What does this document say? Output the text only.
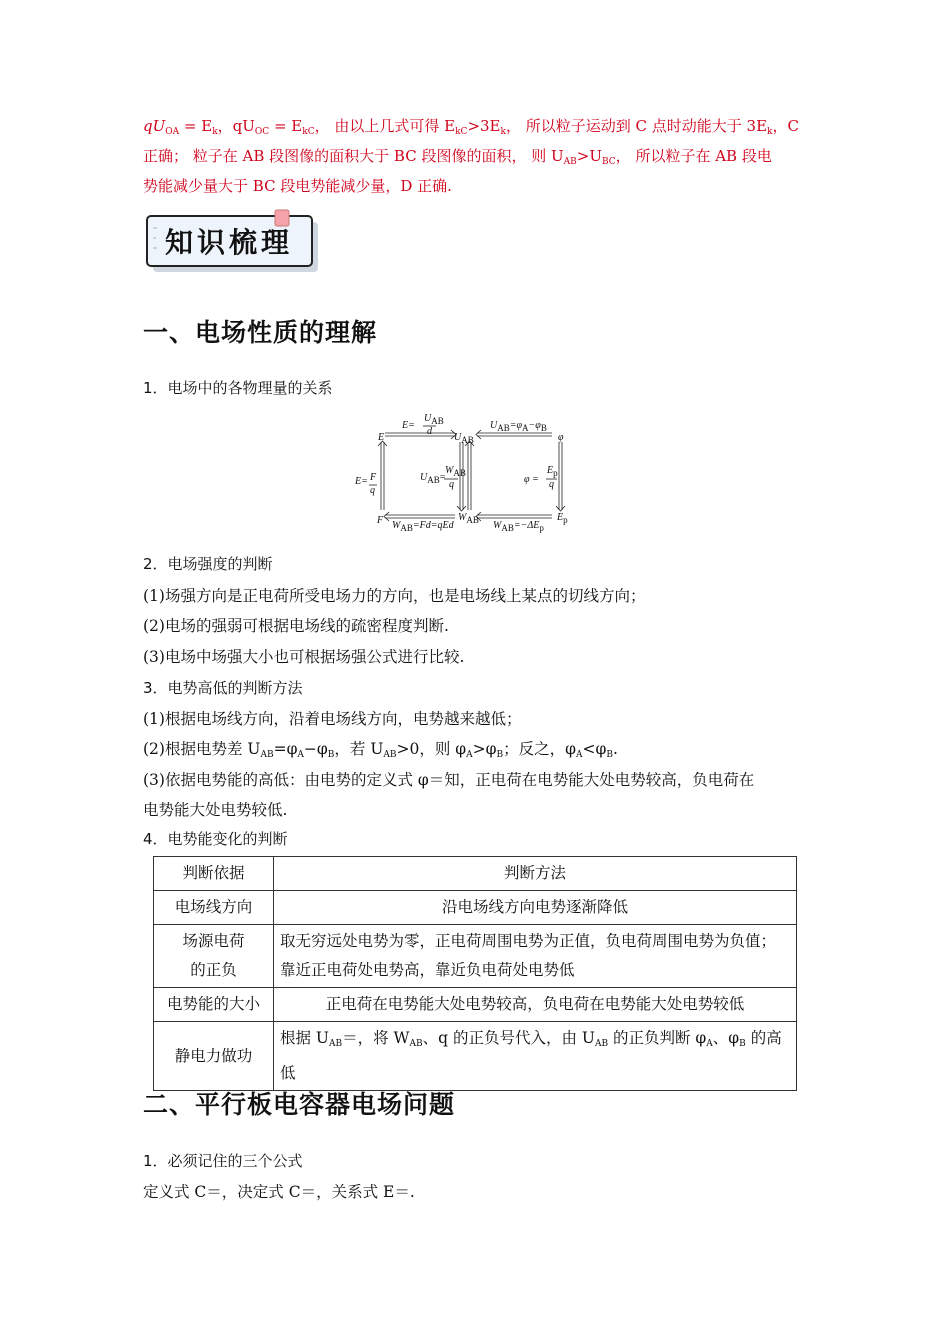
$qU_{OA} = E_k$，$qU_{OC} = E_{kC}$， 由以上几式可得 $E_{kC}>3E_k$， 所以粒子运动到 C 点时动能大于 $3E_k$，C
正确； 粒子在 AB 段图像的面积大于 BC 段图像的面积， 则 $U_{AB}>U_{BC}$， 所以粒子在 AB 段电
势能减少量大于 BC 段电势能减少量，D 正确.
知识梳理
一、电场性质的理解
1．电场中的各物理量的关系
E	$U_{AB}$	φ
F	$W_{AB}$	$E_p$
E=
$U_{AB}$
d
$U_{AB}=\varphi_A-\varphi_B$
E= F
q
$U_{AB}=$
$W_{AB}$
q	φ =
$E_p$
q
$W_{AB}=Fd=qEd$	$W_{AB}=-\Delta E_p$
2．电场强度的判断
(1)场强方向是正电荷所受电场力的方向，也是电场线上某点的切线方向；
(2)电场的强弱可根据电场线的疏密程度判断.
(3)电场中场强大小也可根据场强公式进行比较.
3．电势高低的判断方法
(1)根据电场线方向，沿着电场线方向，电势越来越低；
(2)根据电势差 $U_{AB}=\varphi_A-\varphi_B$，若 $U_{AB}>0$，则 $\varphi_A>\varphi_B$；反之，$\varphi_A<\varphi_B$.
(3)依据电势能的高低：由电势的定义式 φ＝知，正电荷在电势能大处电势较高，负电荷在
电势能大处电势较低.
4．电势能变化的判断
判断依据	判断方法
电场线方向	沿电场线方向电势逐渐降低
场源电荷
的正负	取无穷远处电势为零，正电荷周围电势为正值，负电荷周围电势为负值；靠近正电荷处电势高，靠近负电荷处电势低
电势能的大小	正电荷在电势能大处电势较高，负电荷在电势能大处电势较低
静电力做功	根据 $U_{AB}=$，将 $W_{AB}$、q 的正负号代入，由 $U_{AB}$ 的正负判断 $\varphi_A$、$\varphi_B$ 的高低
二、平行板电容器电场问题
1．必须记住的三个公式
定义式 C＝，决定式 C＝，关系式 E＝.
